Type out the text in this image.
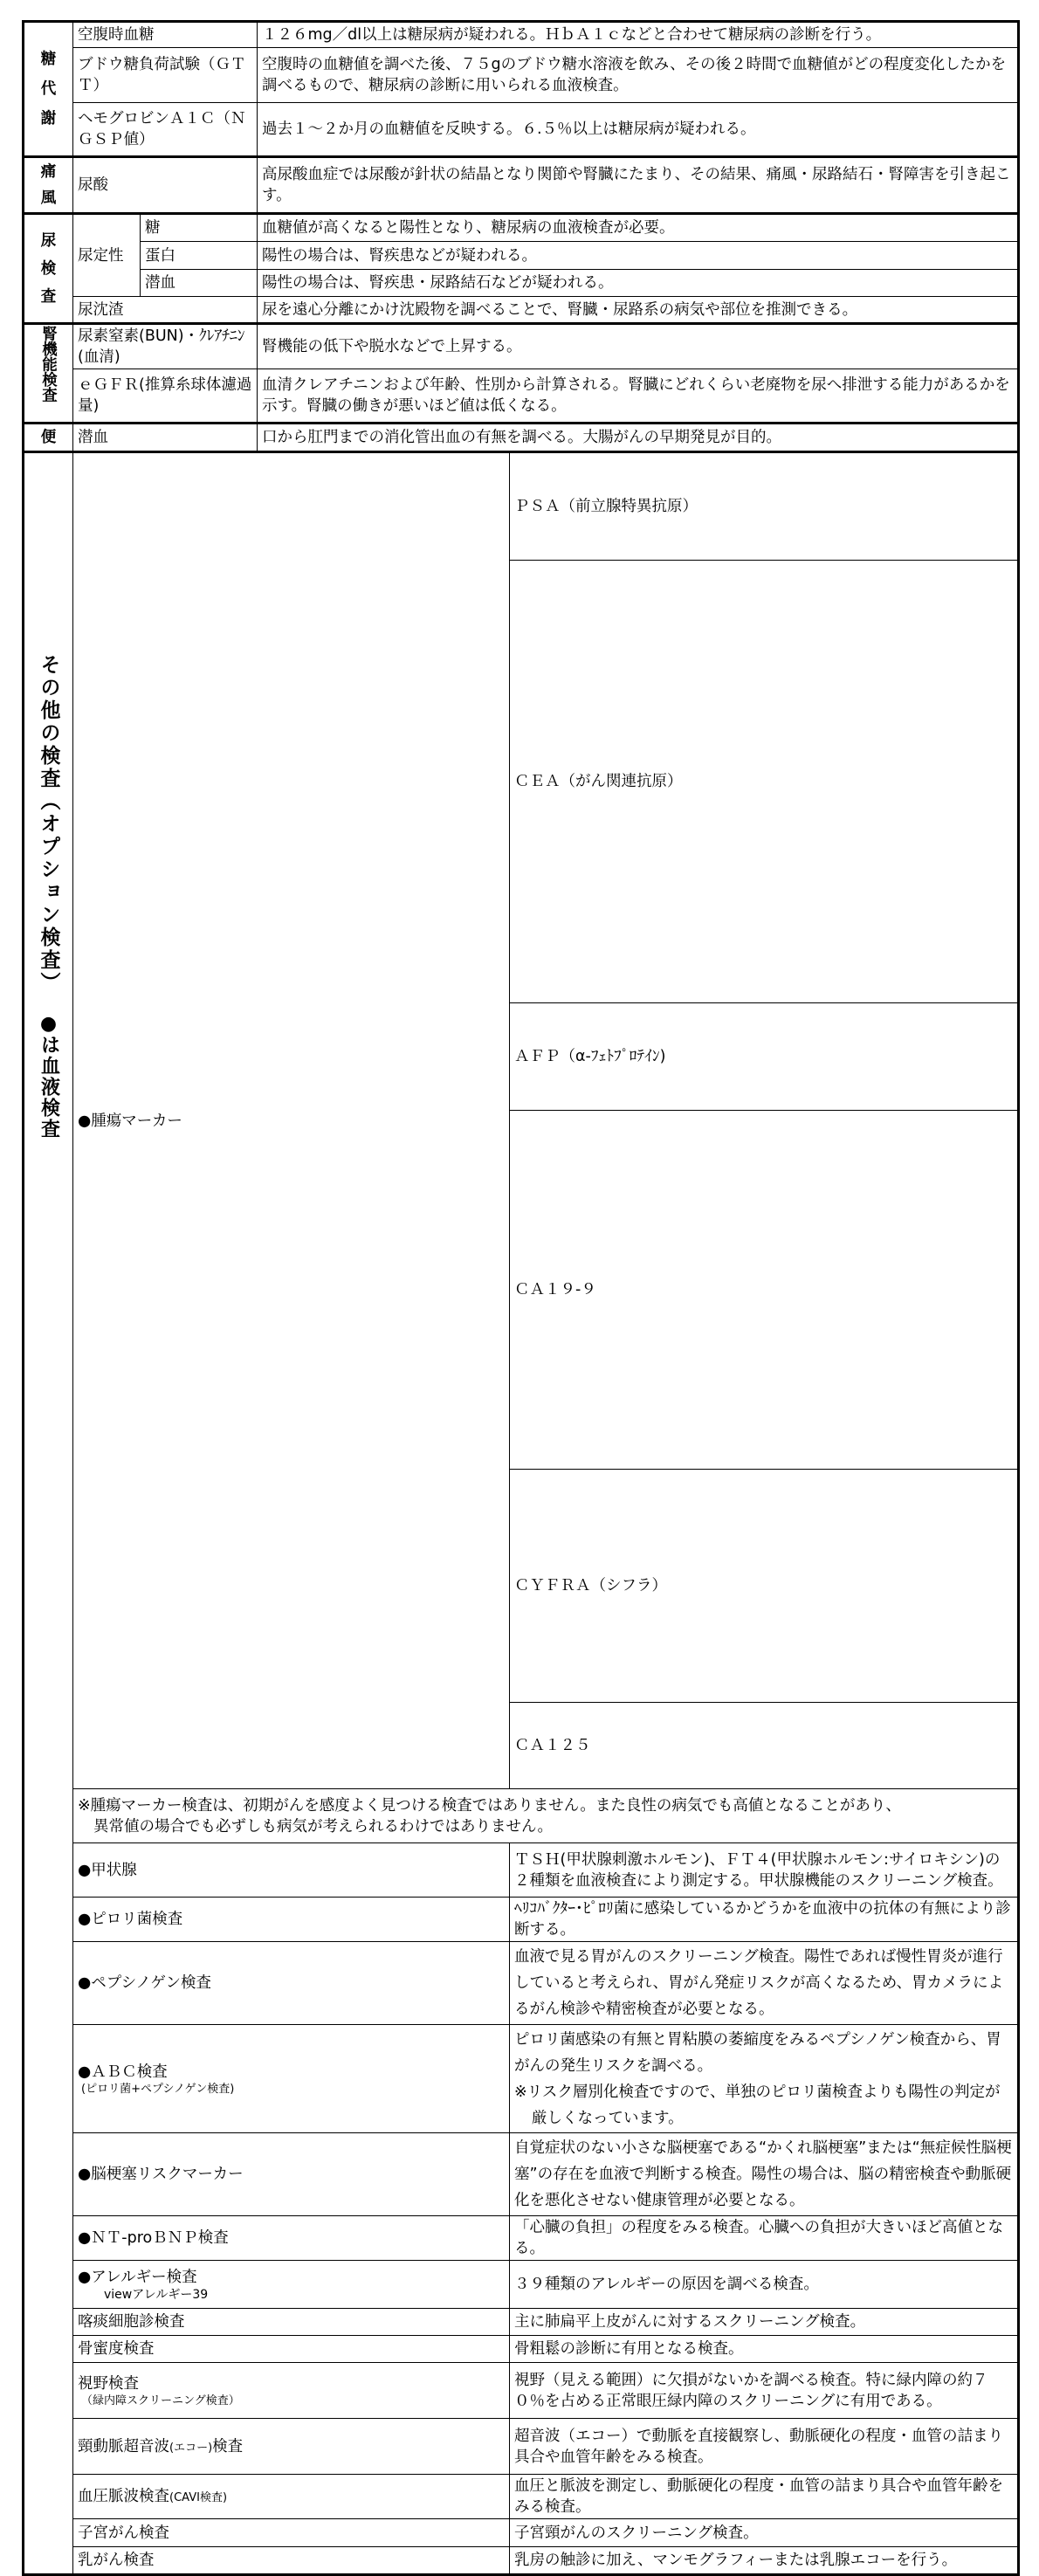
糖代謝	空腹時血糖		１２６mg／dl以上は糖尿病が疑われる。ＨｂＡ１ｃなどと合わせて糖尿病の診断を行う。		
	ブドウ糖負荷試験（ＧＴＴ）		空腹時の血糖値を調べた後、７５gのブドウ糖水溶液を飲み、その後２時間で血糖値がどの程度変化したかを調べるもので、糖尿病の診断に用いられる血液検査。		
	ヘモグロビンＡ１Ｃ（ＮＧＳＰ値）		過去１～２か月の血糖値を反映する。６.５％以上は糖尿病が疑われる。		

痛風	尿酸		高尿酸血症では尿酸が針状の結晶となり関節や腎臓にたまり、その結果、痛風・尿路結石・腎障害を引き起こす。		

尿検査	尿定性	糖	血糖値が高くなると陽性となり、糖尿病の血液検査が必要。		
		蛋白	陽性の場合は、腎疾患などが疑われる。		
		潜血	陽性の場合は、腎疾患・尿路結石などが疑われる。		
	尿沈渣		尿を遠心分離にかけ沈殿物を調べることで、腎臓・尿路系の病気や部位を推測できる。		
腎機能検査	尿素窒素(BUN)・ｸﾚｱﾁﾆﾝ(血清)		腎機能の低下や脱水などで上昇する。		
	ｅＧＦＲ(推算糸球体濾過量)		血清クレアチニンおよび年齢、性別から計算される。腎臓にどれくらい老廃物を尿へ排泄する能力があるかを示す。腎臓の働きが悪いほど値は低くなる。		
便	潜血		口から肛門までの消化管出血の有無を調べる。大腸がんの早期発見が目的。		

その他の検査（オプション検査）
●
は血液検査	●腫瘍マーカー			ＰＳＡ（前立腺特異抗原）	
				ＣＥＡ（がん関連抗原）	
				ＡＦＰ（α-ﾌｪﾄﾌﾟﾛﾃｲﾝ)	
				ＣＡ１９-９	
				ＣＹＦＲＡ（シフラ）	
				ＣＡ１２５	

	※腫瘍マーカー検査は、初期がんを感度よく見つける検査ではありません。また良性の病気でも高値となることがあり、
異常値の場合でも必ずしも病気が考えられるわけではありません。				

	●甲状腺			ＴＳＨ(甲状腺刺激ホルモン)、ＦＴ４(甲状腺ホルモン:サイロキシン)の２種類を血液検査により測定する。甲状腺機能のスクリーニング検査。	
	●ピロリ菌検査			ﾍﾘｺﾊﾞｸﾀｰ･ﾋﾟﾛﾘ菌に感染しているかどうかを血液中の抗体の有無により診断する。	
	●ペプシノゲン検査			血液で見る胃がんのスクリーニング検査。陽性であれば慢性胃炎が進行していると考えられ、胃がん発症リスクが高くなるため、胃カメラによるがん検診や精密検査が必要となる。	

	●ＡＢＣ検査
(ピロリ菌+ペプシノゲン検査)			ピロリ菌感染の有無と胃粘膜の萎縮度をみるペプシノゲン検査から、胃がんの発生リスクを調べる。
※リスク層別化検査ですので、単独のピロリ菌検査よりも陽性の判定が厳しくなっています。	

	●脳梗塞リスクマーカー			自覚症状のない小さな脳梗塞である“かくれ脳梗塞”または“無症候性脳梗塞”の存在を血液で判断する検査。陽性の場合は、脳の精密検査や動脈硬化を悪化させない健康管理が必要となる。	
	●ＮＴ-proＢＮＰ検査			「心臓の負担」の程度をみる検査。心臓への負担が大きいほど高値となる。	

	●アレルギー検査
viewアレルギー39			３９種類のアレルギーの原因を調べる検査。	
	喀痰細胞診検査			主に肺扁平上皮がんに対するスクリーニング検査。	
	骨蜜度検査			骨粗鬆の診断に有用となる検査。	

	視野検査
（緑内障スクリーニング検査）			視野（見える範囲）に欠損がないかを調べる検査。特に緑内障の約７０％を占める正常眼圧緑内障のスクリーニングに有用である。	
	頸動脈超音波(エコー)検査			超音波（エコー）で動脈を直接観察し、動脈硬化の程度・血管の詰まり具合や血管年齢をみる検査。	
	血圧脈波検査(CAVI検査)			血圧と脈波を測定し、動脈硬化の程度・血管の詰まり具合や血管年齢をみる検査。	
	子宮がん検査			子宮頸がんのスクリーニング検査。	
	乳がん検査			乳房の触診に加え、マンモグラフィーまたは乳腺エコーを行う。	
